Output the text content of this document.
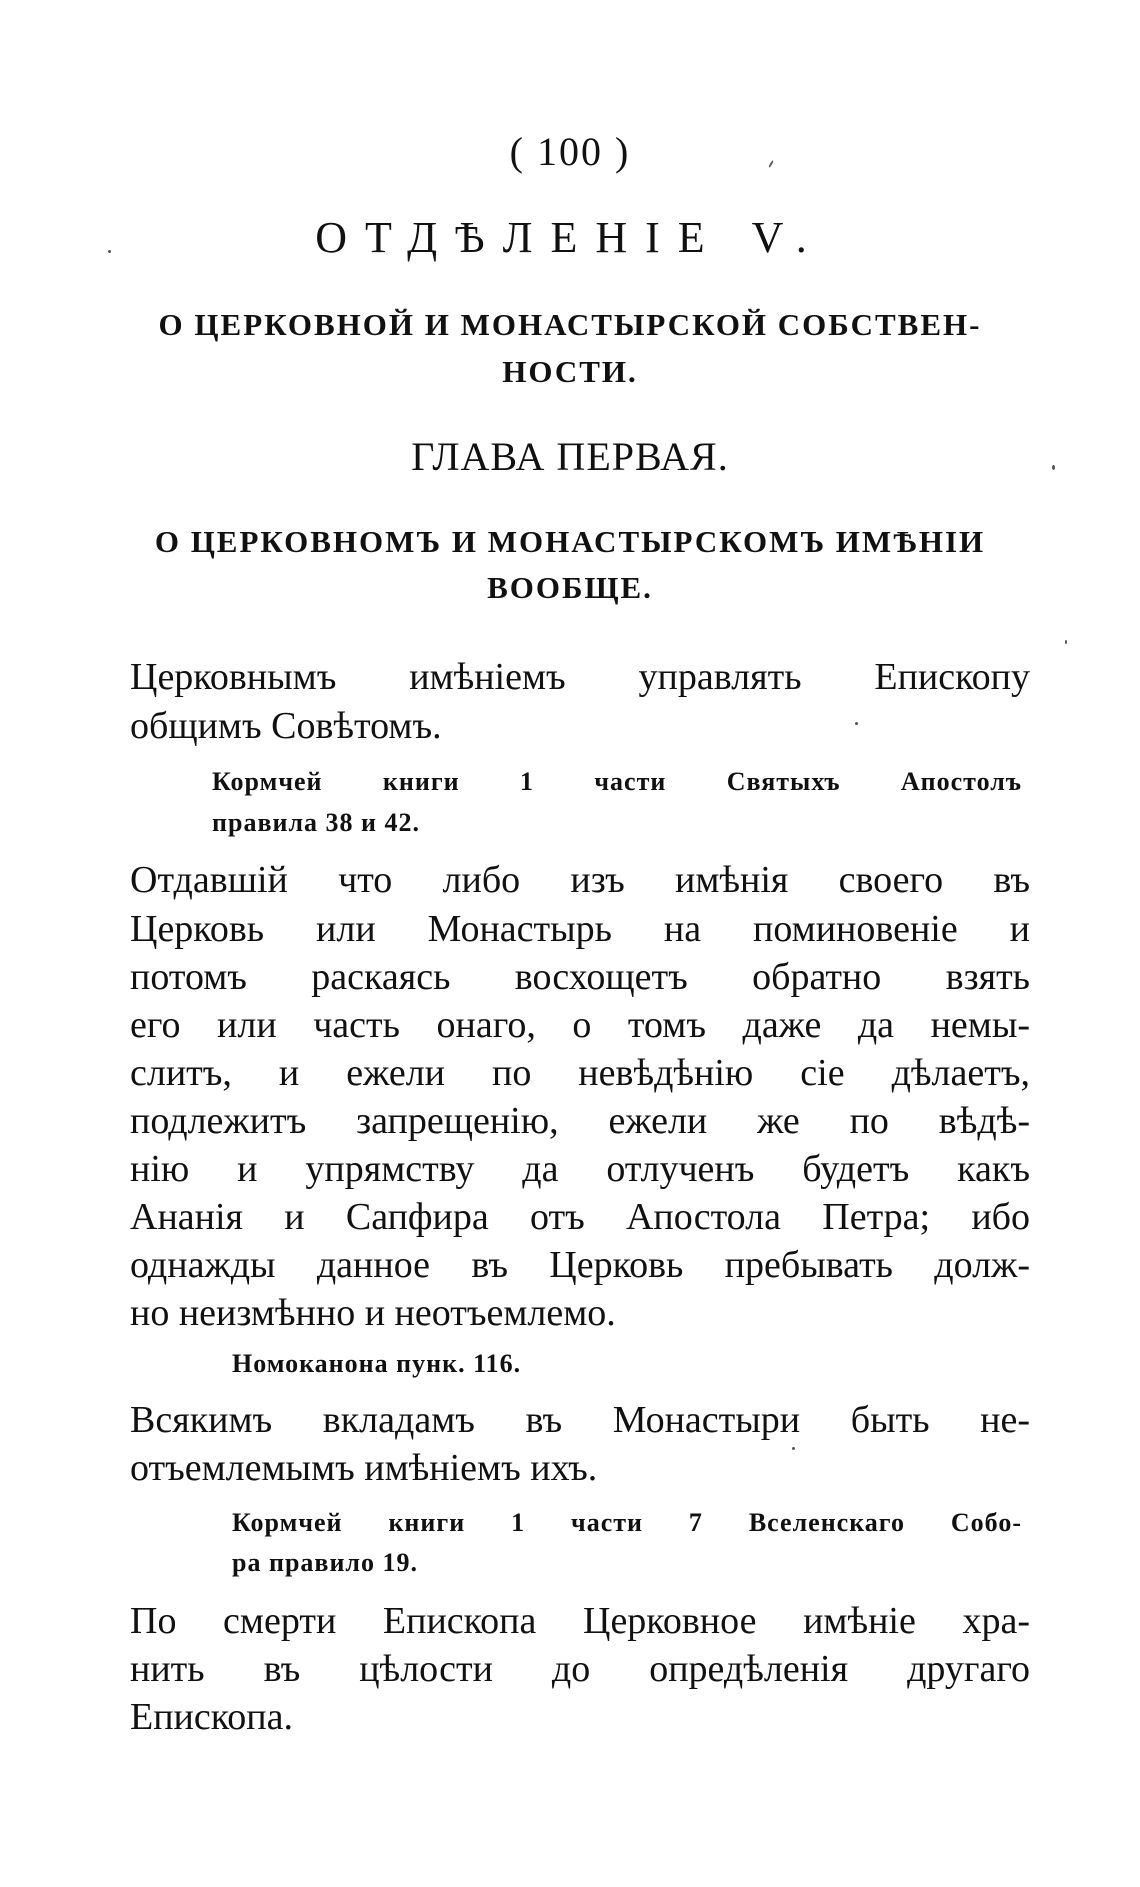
( 100 )
ОТДѢЛЕНІЕ V.
О ЦЕРКОВНОЙ И МОНАСТЫРСКОЙ СОБСТВЕН-
НОСТИ.
ГЛАВА ПЕРВАЯ.
О ЦЕРКОВНОМЪ И МОНАСТЫРСКОМЪ ИМѢНІИ
ВООБЩЕ.
Церковнымъ имѣніемъ управлять Епископу
общимъ Совѣтомъ.
Кормчей книги 1 части Святыхъ Апостолъ
правила 38 и 42.
Отдавшій что либо изъ имѣнія своего въ
Церковь или Монастырь на поминовеніе и
потомъ раскаясь восхощетъ обратно взять
его или часть онаго, о томъ даже да немы-
слитъ, и ежели по невѣдѣнію сіе дѣлаетъ,
подлежитъ запрещенію, ежели же по вѣдѣ-
нію и упрямству да отлученъ будетъ какъ
Ананія и Сапфира отъ Апостола Петра; ибо
однажды данное въ Церковь пребывать долж-
но неизмѣнно и неотъемлемо.
Номоканона пунк. 116.
Всякимъ вкладамъ въ Монастыри быть не-
отъемлемымъ имѣніемъ ихъ.
Кормчей книги 1 части 7 Вселенскаго Собо-
ра правило 19.
По смерти Епископа Церковное имѣніе хра-
нить въ цѣлости до опредѣленія другаго
Епископа.
